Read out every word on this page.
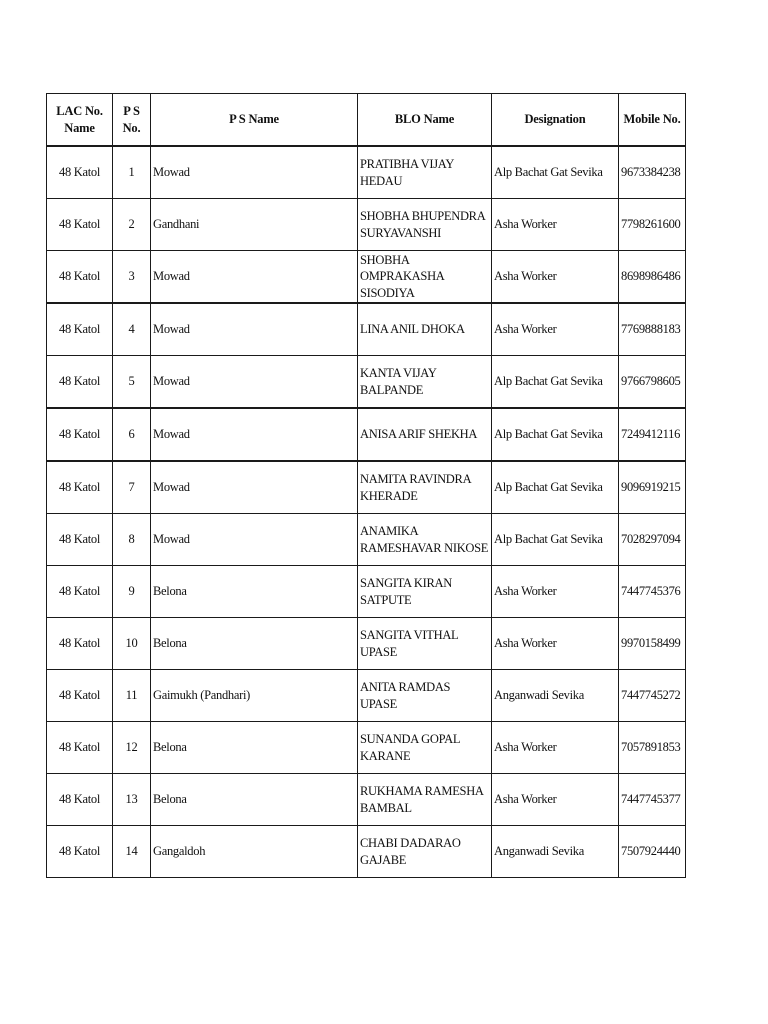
LAC No. Name	P S No.	P S Name	BLO Name	Designation	Mobile No.
48 Katol	1	Mowad	PRATIBHA VIJAY HEDAU	Alp Bachat Gat Sevika	9673384238
48 Katol	2	Gandhani	SHOBHA BHUPENDRA SURYAVANSHI	Asha Worker	7798261600
48 Katol	3	Mowad	SHOBHA OMPRAKASHA SISODIYA	Asha Worker	8698986486
48 Katol	4	Mowad	LINA ANIL DHOKA	Asha Worker	7769888183
48 Katol	5	Mowad	KANTA VIJAY BALPANDE	Alp Bachat Gat Sevika	9766798605
48 Katol	6	Mowad	ANISA ARIF SHEKHA	Alp Bachat Gat Sevika	7249412116
48 Katol	7	Mowad	NAMITA RAVINDRA KHERADE	Alp Bachat Gat Sevika	9096919215
48 Katol	8	Mowad	ANAMIKA RAMESHAVAR NIKOSE	Alp Bachat Gat Sevika	7028297094
48 Katol	9	Belona	SANGITA KIRAN SATPUTE	Asha Worker	7447745376
48 Katol	10	Belona	SANGITA VITHAL UPASE	Asha Worker	9970158499
48 Katol	11	Gaimukh (Pandhari)	ANITA RAMDAS UPASE	Anganwadi Sevika	7447745272
48 Katol	12	Belona	SUNANDA GOPAL KARANE	Asha Worker	7057891853
48 Katol	13	Belona	RUKHAMA RAMESHA BAMBAL	Asha Worker	7447745377
48 Katol	14	Gangaldoh	CHABI DADARAO GAJABE	Anganwadi Sevika	7507924440
